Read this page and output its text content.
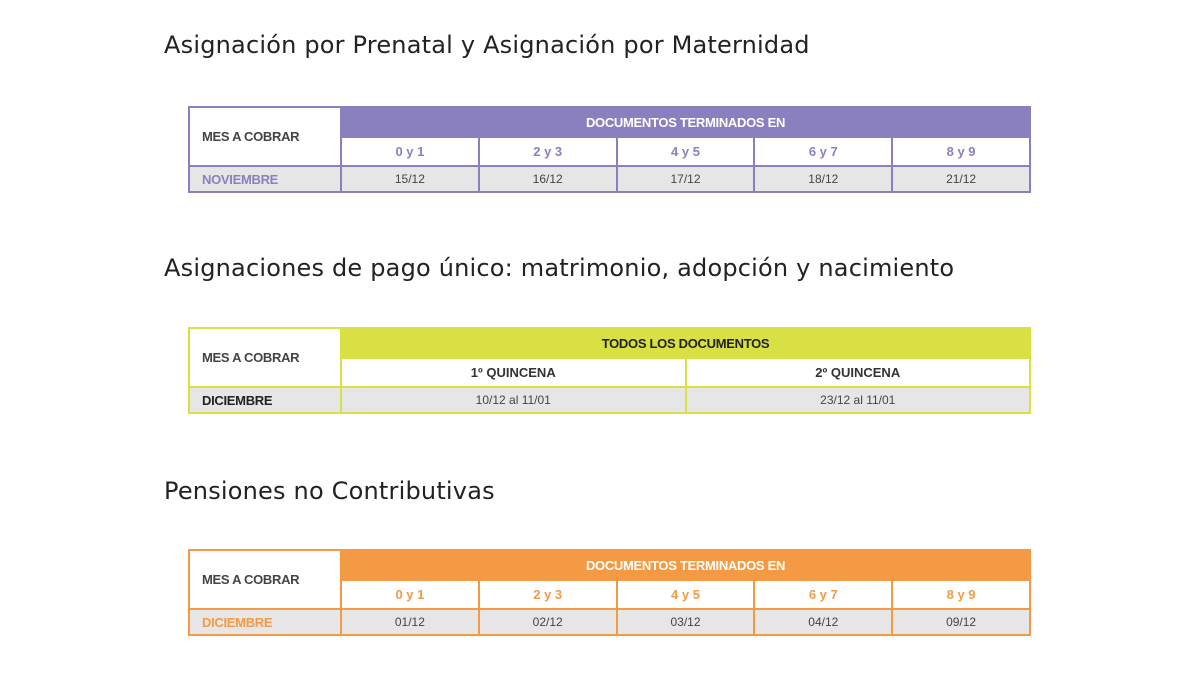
Asignación por Prenatal y Asignación por Maternidad
MES A COBRAR	DOCUMENTOS TERMINADOS EN				
	0 y 1	2 y 3	4 y 5	6 y 7	8 y 9
NOVIEMBRE	15/12	16/12	17/12	18/12	21/12
Asignaciones de pago único: matrimonio, adopción y nacimiento
MES A COBRAR	TODOS LOS DOCUMENTOS	
	1º QUINCENA	2º QUINCENA
DICIEMBRE	10/12 al 11/01	23/12 al 11/01
Pensiones no Contributivas
MES A COBRAR	DOCUMENTOS TERMINADOS EN				
	0 y 1	2 y 3	4 y 5	6 y 7	8 y 9
DICIEMBRE	01/12	02/12	03/12	04/12	09/12
